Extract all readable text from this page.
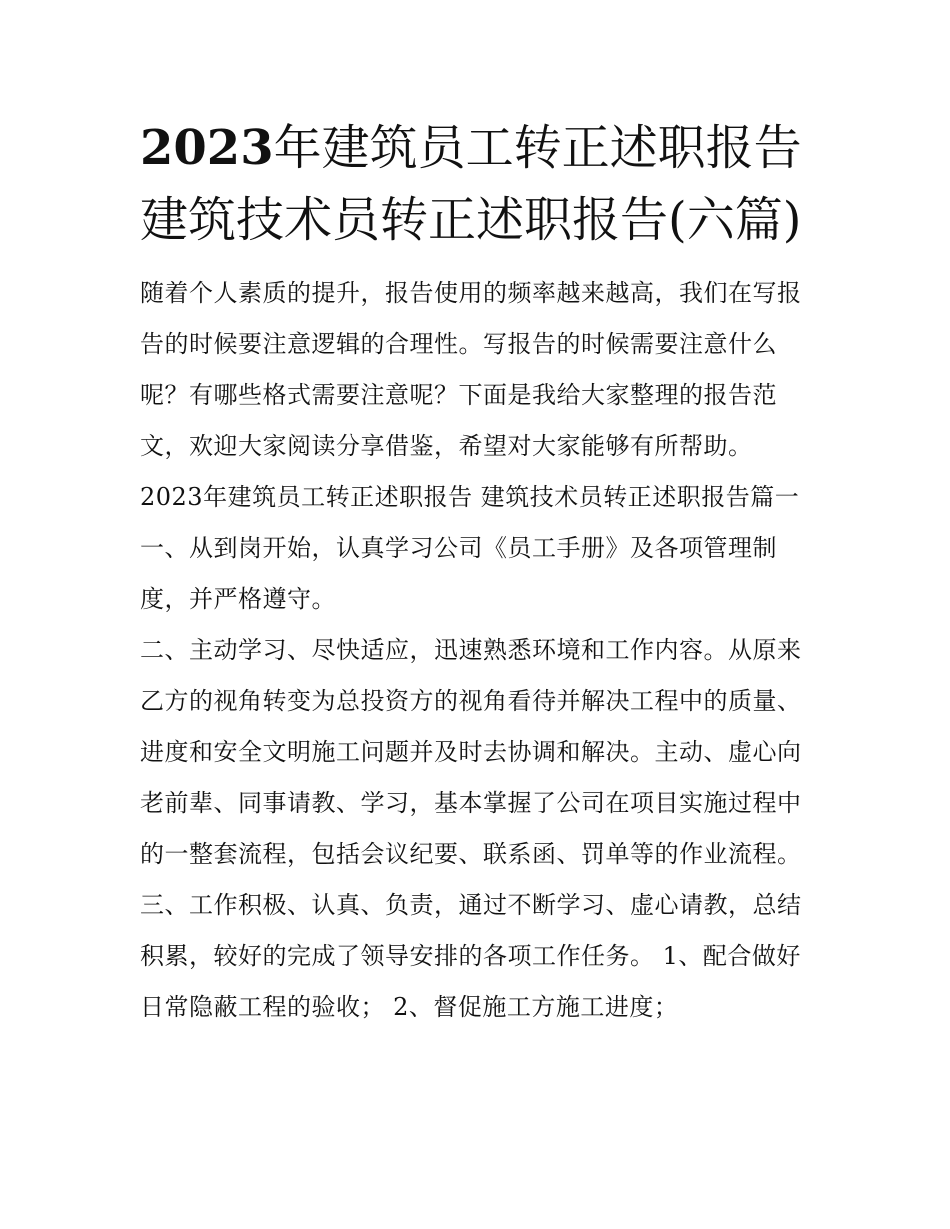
2023年建筑员工转正述职报告 建筑技术员转正述职报告(六篇)

随着个人素质的提升，报告使用的频率越来越高，我们在写报告的时候要注意逻辑的合理性。写报告的时候需要注意什么呢？有哪些格式需要注意呢？下面是我给大家整理的报告范文，欢迎大家阅读分享借鉴，希望对大家能够有所帮助。

2023年建筑员工转正述职报告 建筑技术员转正述职报告篇一

一、从到岗开始，认真学习公司《员工手册》及各项管理制度，并严格遵守。

二、主动学习、尽快适应，迅速熟悉环境和工作内容。从原来乙方的视角转变为总投资方的视角看待并解决工程中的质量、进度和安全文明施工问题并及时去协调和解决。主动、虚心向老前辈、同事请教、学习，基本掌握了公司在项目实施过程中的一整套流程，包括会议纪要、联系函、罚单等的作业流程。

三、工作积极、认真、负责，通过不断学习、虚心请教，总结积累，较好的完成了领导安排的各项工作任务。 1、配合做好日常隐蔽工程的验收； 2、督促施工方施工进度；
